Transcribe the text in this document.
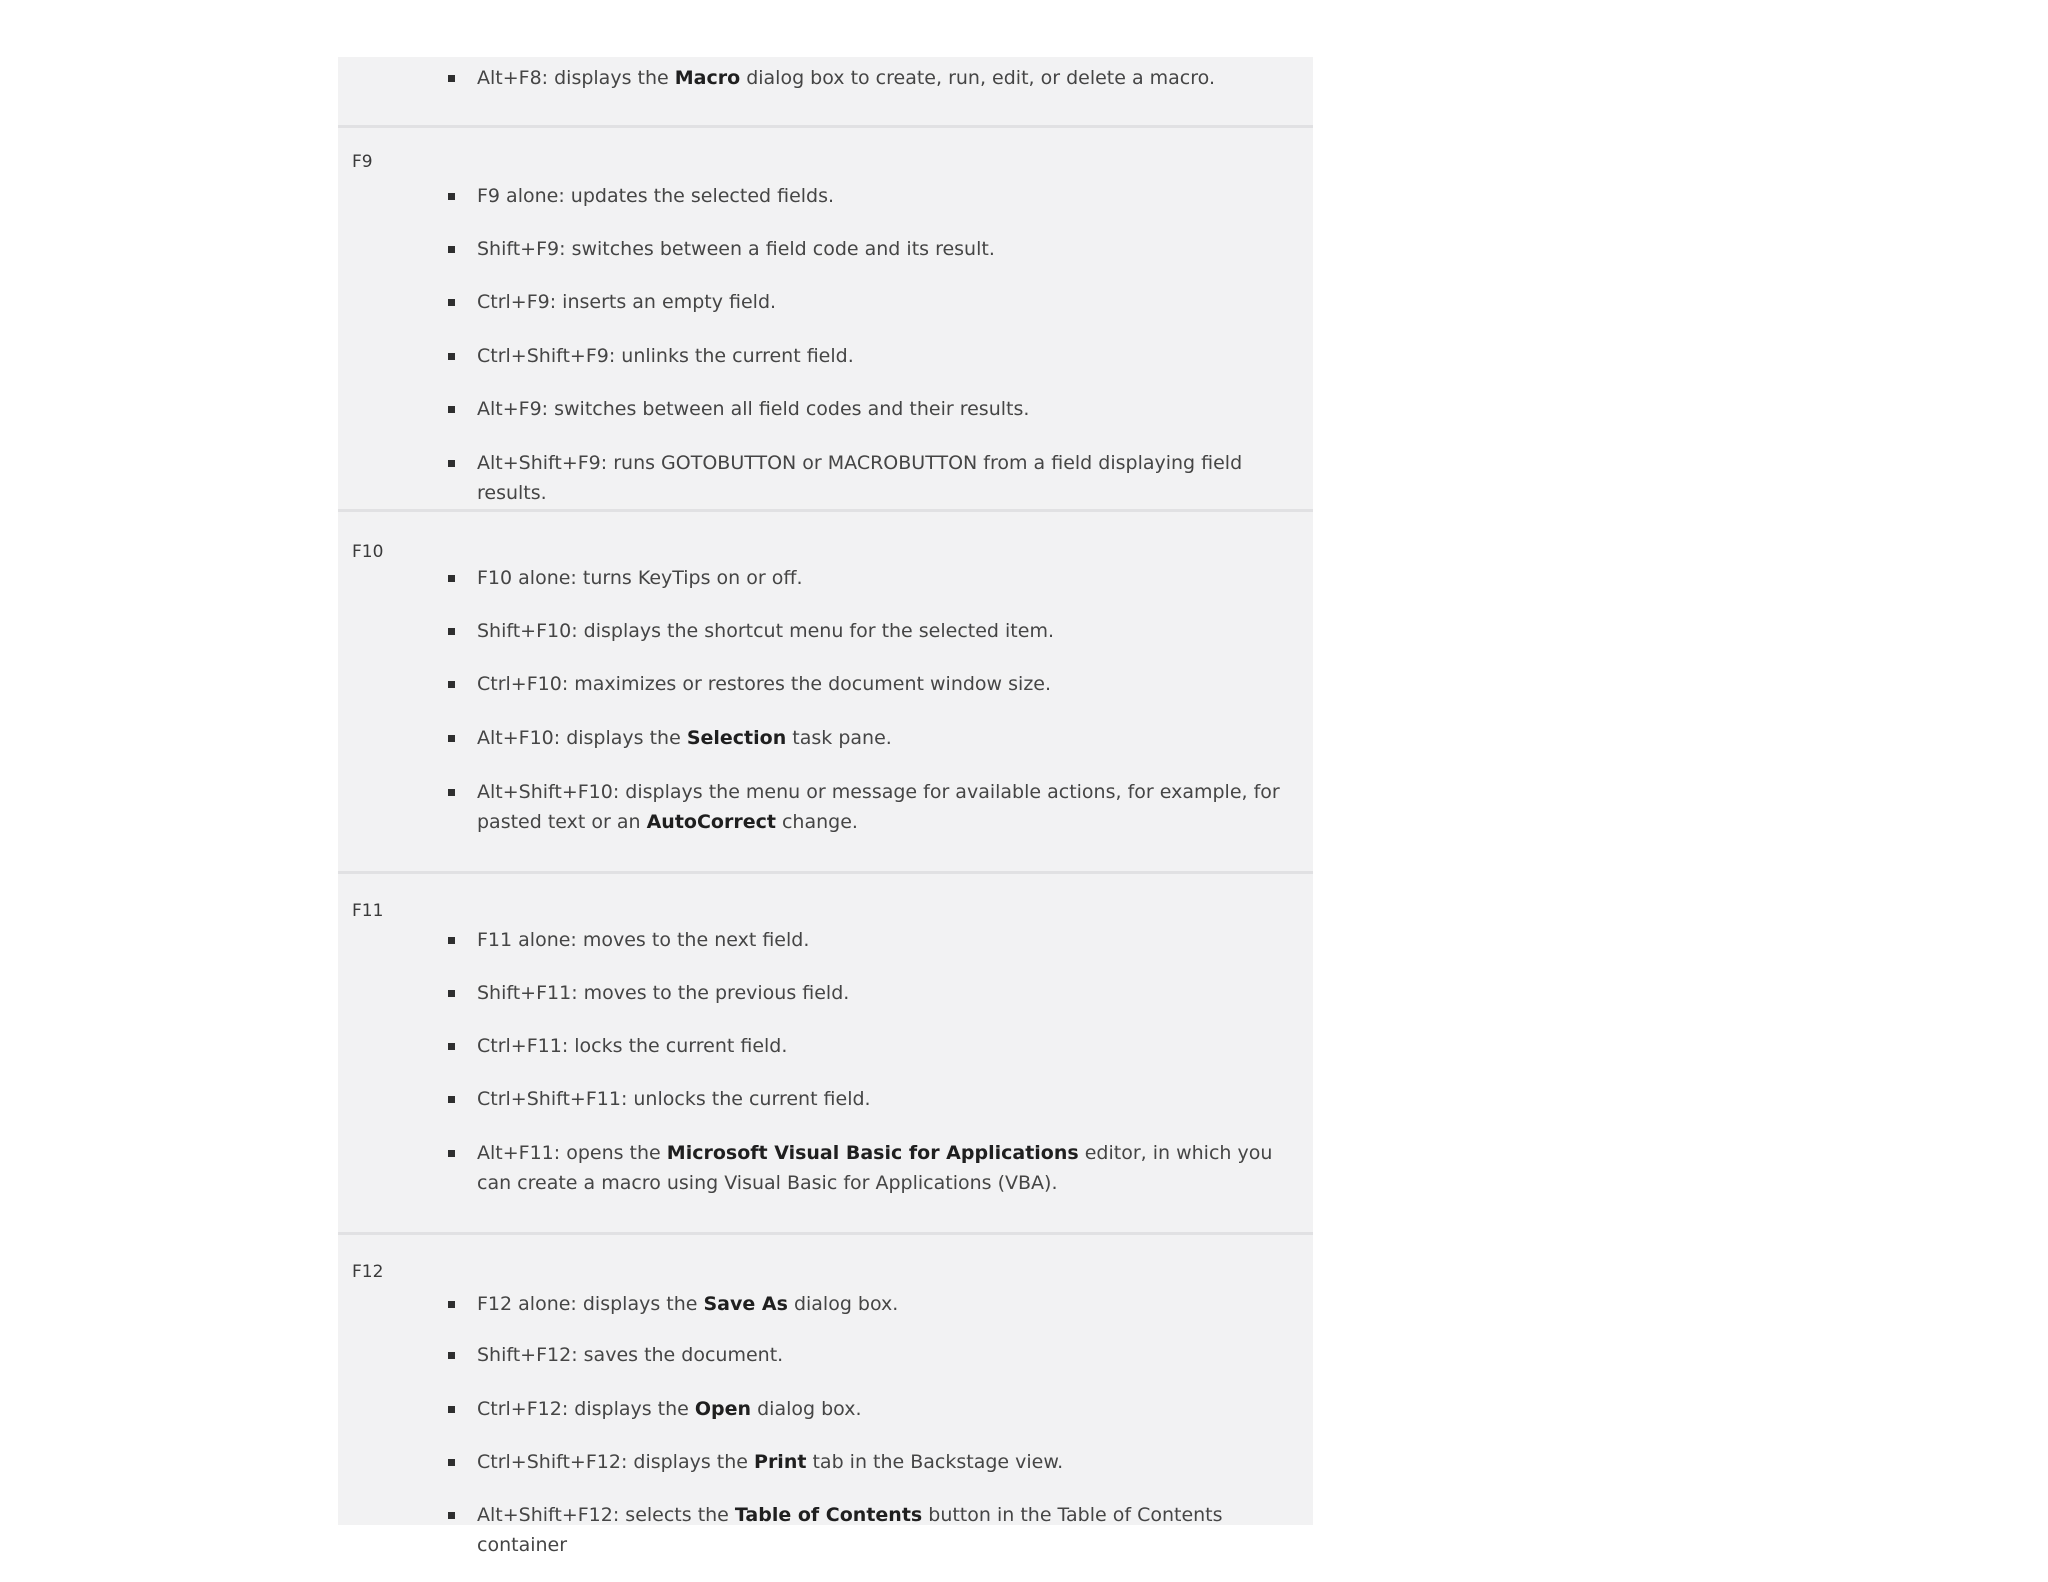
Alt+F8: displays the Macro dialog box to create, run, edit, or delete a macro.
F9
F9 alone: updates the selected fields.
Shift+F9: switches between a field code and its result.
Ctrl+F9: inserts an empty field.
Ctrl+Shift+F9: unlinks the current field.
Alt+F9: switches between all field codes and their results.
Alt+Shift+F9: runs GOTOBUTTON or MACROBUTTON from a field displaying field results.
F10
F10 alone: turns KeyTips on or off.
Shift+F10: displays the shortcut menu for the selected item.
Ctrl+F10: maximizes or restores the document window size.
Alt+F10: displays the Selection task pane.
Alt+Shift+F10: displays the menu or message for available actions, for example, for pasted text or an AutoCorrect change.
F11
F11 alone: moves to the next field.
Shift+F11: moves to the previous field.
Ctrl+F11: locks the current field.
Ctrl+Shift+F11: unlocks the current field.
Alt+F11: opens the Microsoft Visual Basic for Applications editor, in which you can create a macro using Visual Basic for Applications (VBA).
F12
F12 alone: displays the Save As dialog box.
Shift+F12: saves the document.
Ctrl+F12: displays the Open dialog box.
Ctrl+Shift+F12: displays the Print tab in the Backstage view.
Alt+Shift+F12: selects the Table of Contents button in the Table of Contents container
